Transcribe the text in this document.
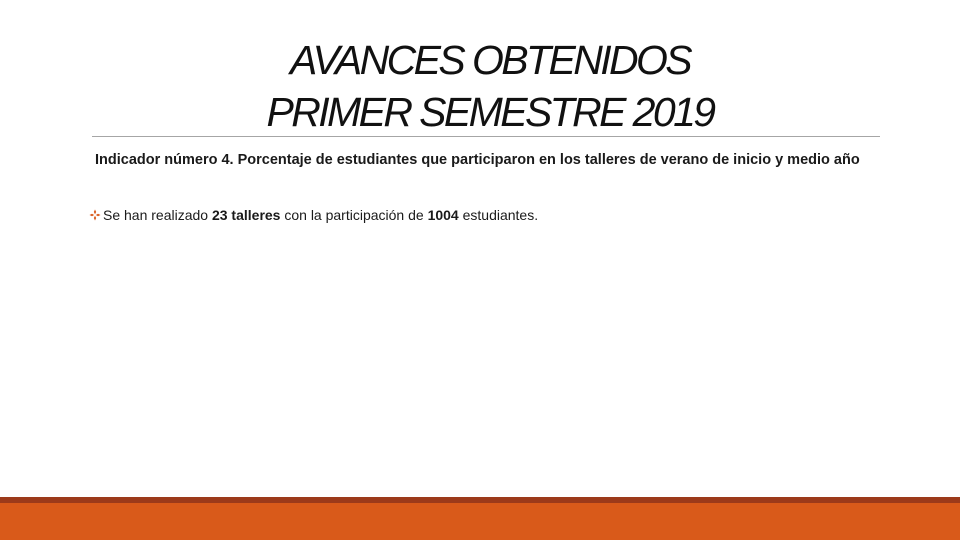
AVANCES OBTENIDOS
PRIMER SEMESTRE 2019
Indicador número 4. Porcentaje de estudiantes que participaron en los talleres de verano de inicio y medio año
Se han realizado 23 talleres con la participación de 1004 estudiantes.
